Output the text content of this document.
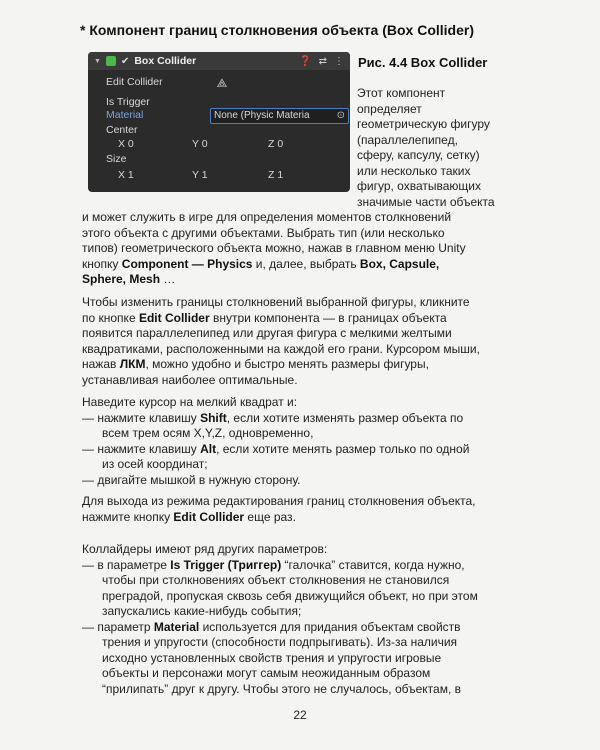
* Компонент границ столкновения объекта (Box Collider)
▼ ✔ Box Collider	❓ ⇄ ⋮
Edit Collider	⟁
Is Trigger
Material	None (Physic Materia	⊙
Center
X 0	Y 0	Z 0
Size
X 1	Y 1	Z 1
Рис. 4.4 Box Collider
Этот компонент
определяет
геометрическую фигуру
(параллелепипед,
сферу, капсулу, сетку)
или несколько таких
фигур, охватывающих
значимые части объекта

и может служить в игре для определения моментов столкновений

этого объекта с другими объектами. Выбрать тип (или несколько

типов) геометрического объекта можно, нажав в главном меню Unity

кнопку Component — Physics и, далее, выбрать Box, Capsule,

Sphere, Mesh …

Чтобы изменить границы столкновений выбранной фигуры, кликните

по кнопке Edit Collider внутри компонента — в границах объекта

появится параллелепипед или другая фигура с мелкими желтыми

квадратиками, расположенными на каждой его грани. Курсором мыши,

нажав ЛКМ, можно удобно и быстро менять размеры фигуры,

устанавливая наиболее оптимальные.

Наведите курсор на мелкий квадрат и:

— нажмите клавишу Shift, если хотите изменять размер объекта по

всем трем осям X,Y,Z, одновременно,

— нажмите клавишу Alt, если хотите менять размер только по одной

из осей координат;

— двигайте мышкой в нужную сторону.

Для выхода из режима редактирования границ столкновения объекта,

нажмите кнопку Edit Collider еще раз.

Коллайдеры имеют ряд других параметров:

— в параметре Is Trigger (Триггер) “галочка” ставится, когда нужно,

чтобы при столкновениях объект столкновения не становился

преградой, пропуская сквозь себя движущийся объект, но при этом

запускались какие-нибудь события;

— параметр Material используется для придания объектам свойств

трения и упругости (способности подпрыгивать). Из-за наличия

исходно установленных свойств трения и упругости игровые

объекты и персонажи могут самым неожиданным образом

“прилипать” друг к другу. Чтобы этого не случалось, объектам, в

22
